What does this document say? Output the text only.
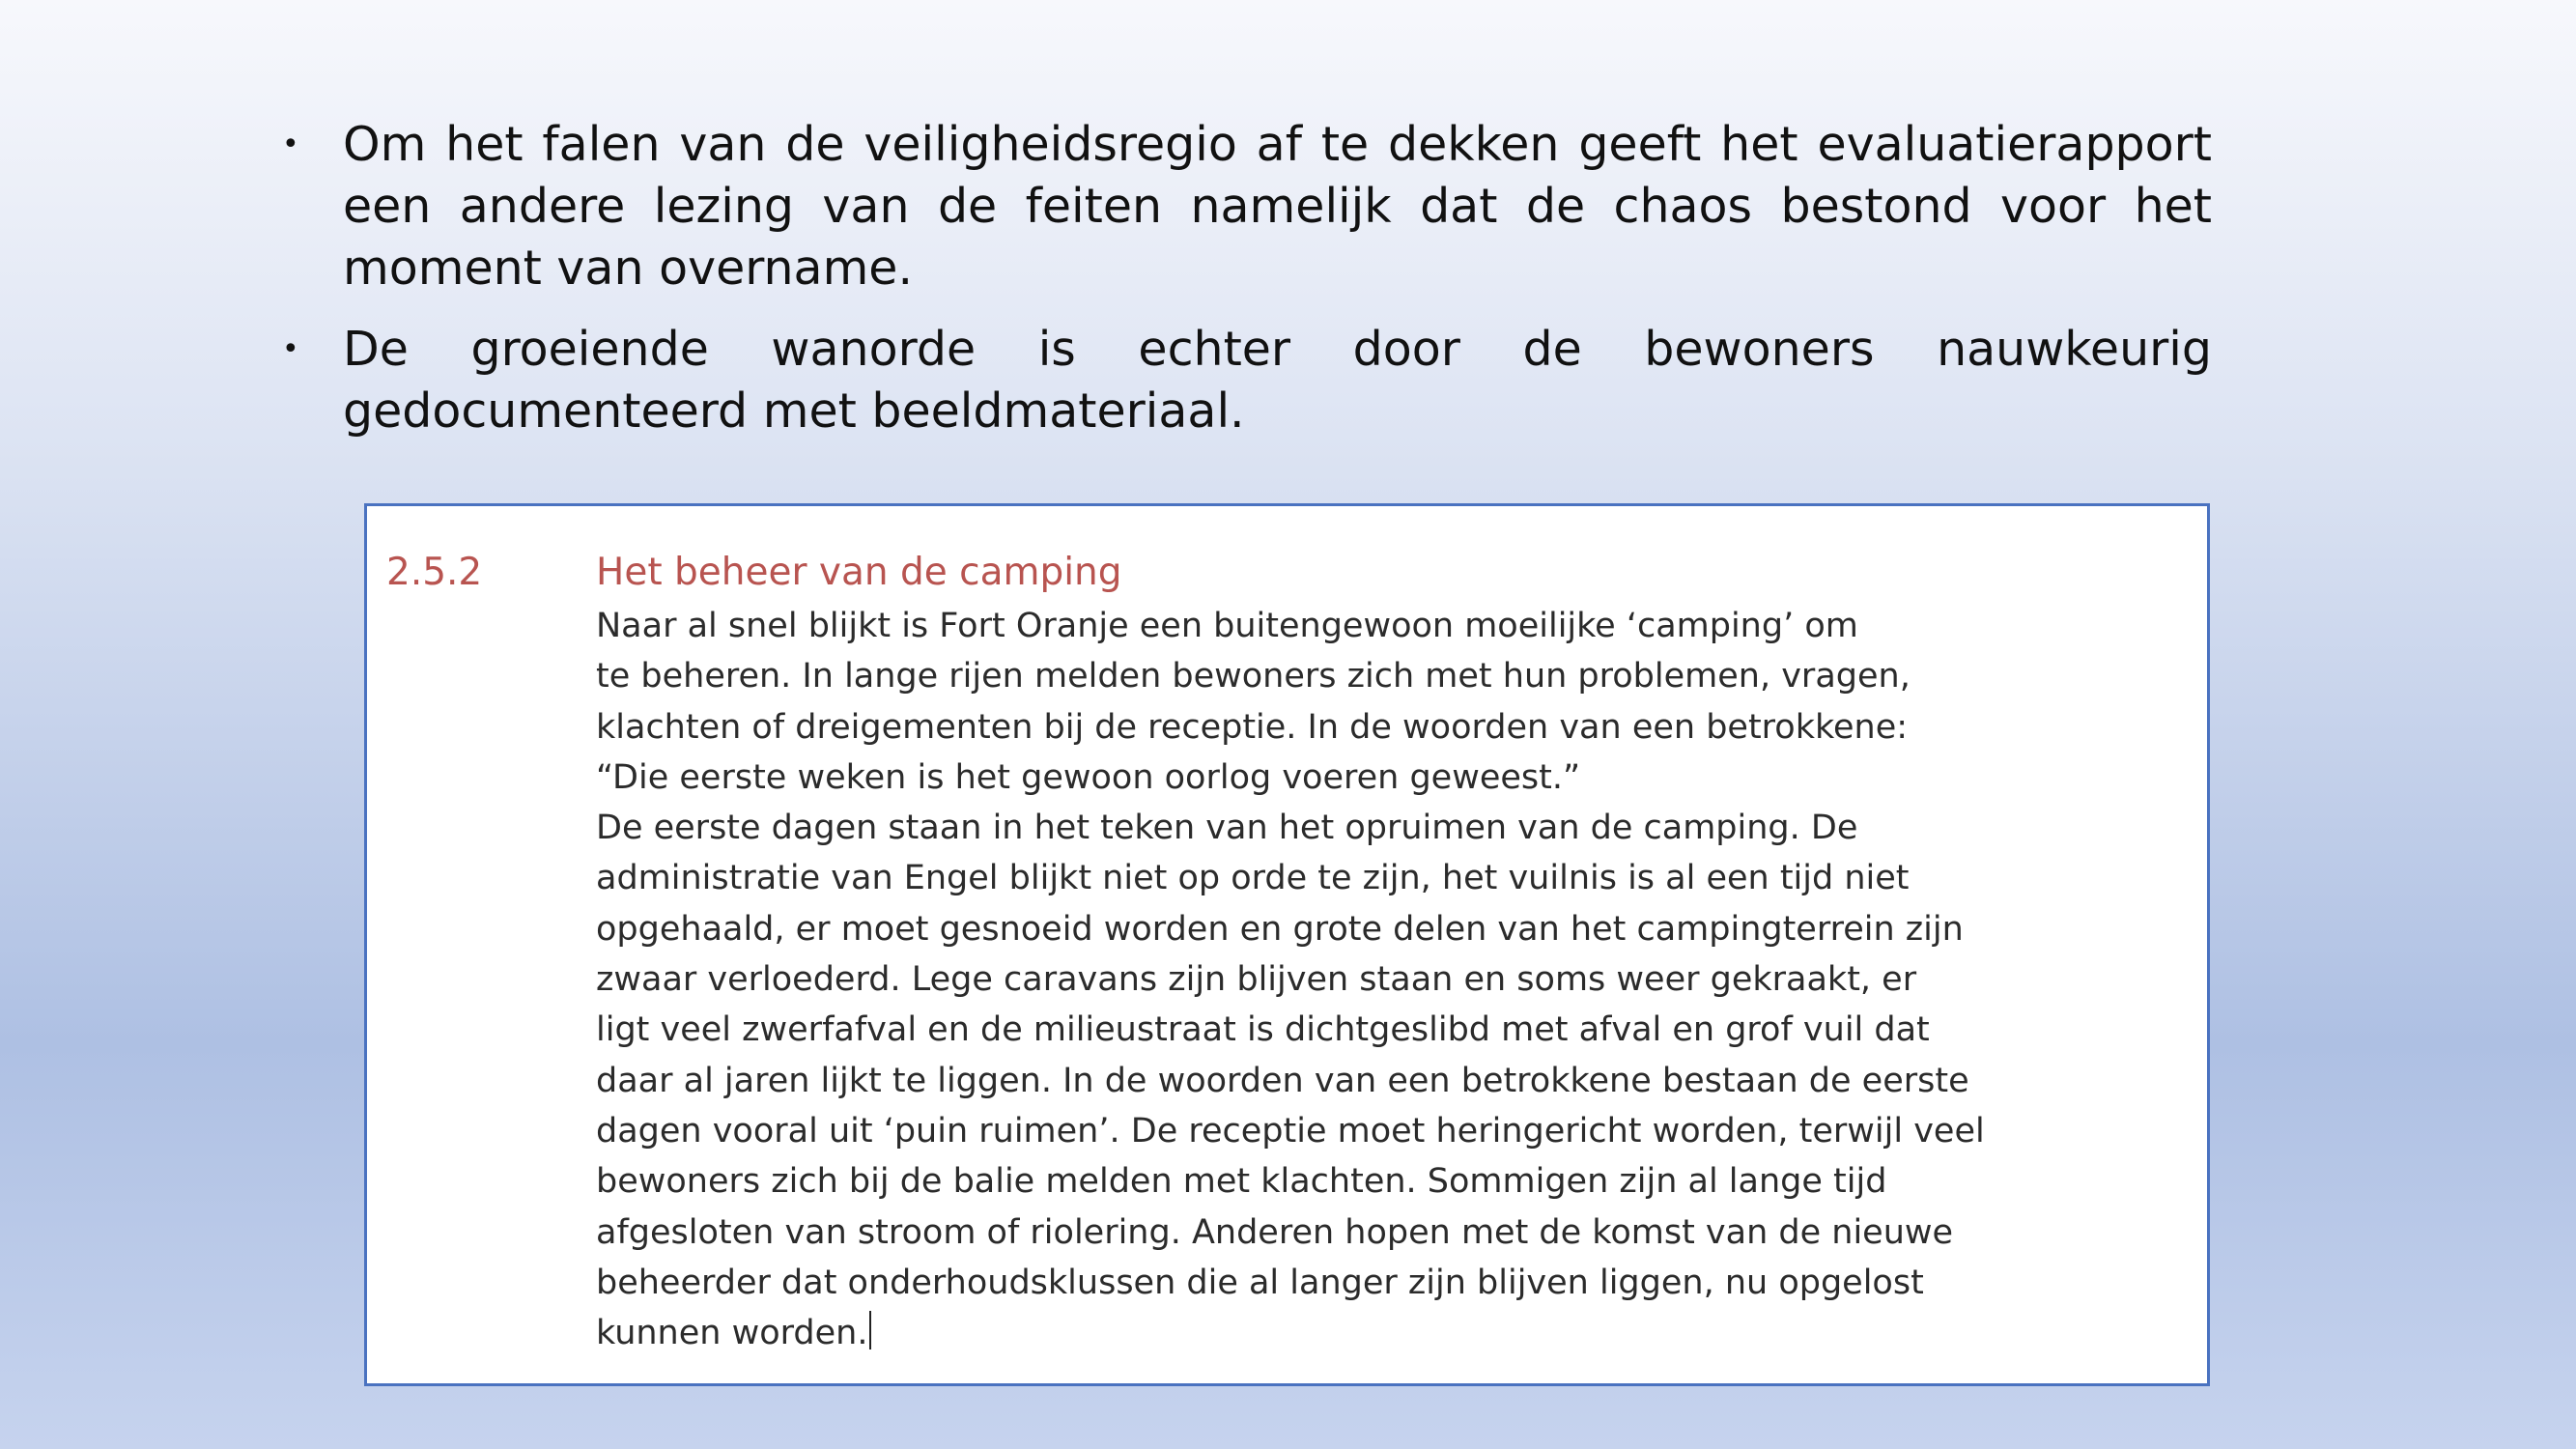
• Om het falen van de veiligheidsregio af te dekken geeft het evaluatierapport een andere lezing van de feiten namelijk dat de chaos bestond voor het moment van overname.
• De groeiende wanorde is echter door de bewoners nauwkeurig gedocumenteerd met beeldmateriaal.
2.5.2	Het beheer van de camping
Naar al snel blijkt is Fort Oranje een buitengewoon moeilijke ‘camping’ om
te beheren. In lange rijen melden bewoners zich met hun problemen, vragen,
klachten of dreigementen bij de receptie. In de woorden van een betrokkene:
“Die eerste weken is het gewoon oorlog voeren geweest.”
De eerste dagen staan in het teken van het opruimen van de camping. De
administratie van Engel blijkt niet op orde te zijn, het vuilnis is al een tijd niet
opgehaald, er moet gesnoeid worden en grote delen van het campingterrein zijn
zwaar verloederd. Lege caravans zijn blijven staan en soms weer gekraakt, er
ligt veel zwerfafval en de milieustraat is dichtgeslibd met afval en grof vuil dat
daar al jaren lijkt te liggen. In de woorden van een betrokkene bestaan de eerste
dagen vooral uit ‘puin ruimen’. De receptie moet heringericht worden, terwijl veel
bewoners zich bij de balie melden met klachten. Sommigen zijn al lange tijd
afgesloten van stroom of riolering. Anderen hopen met de komst van de nieuwe
beheerder dat onderhoudsklussen die al langer zijn blijven liggen, nu opgelost
kunnen worden.
